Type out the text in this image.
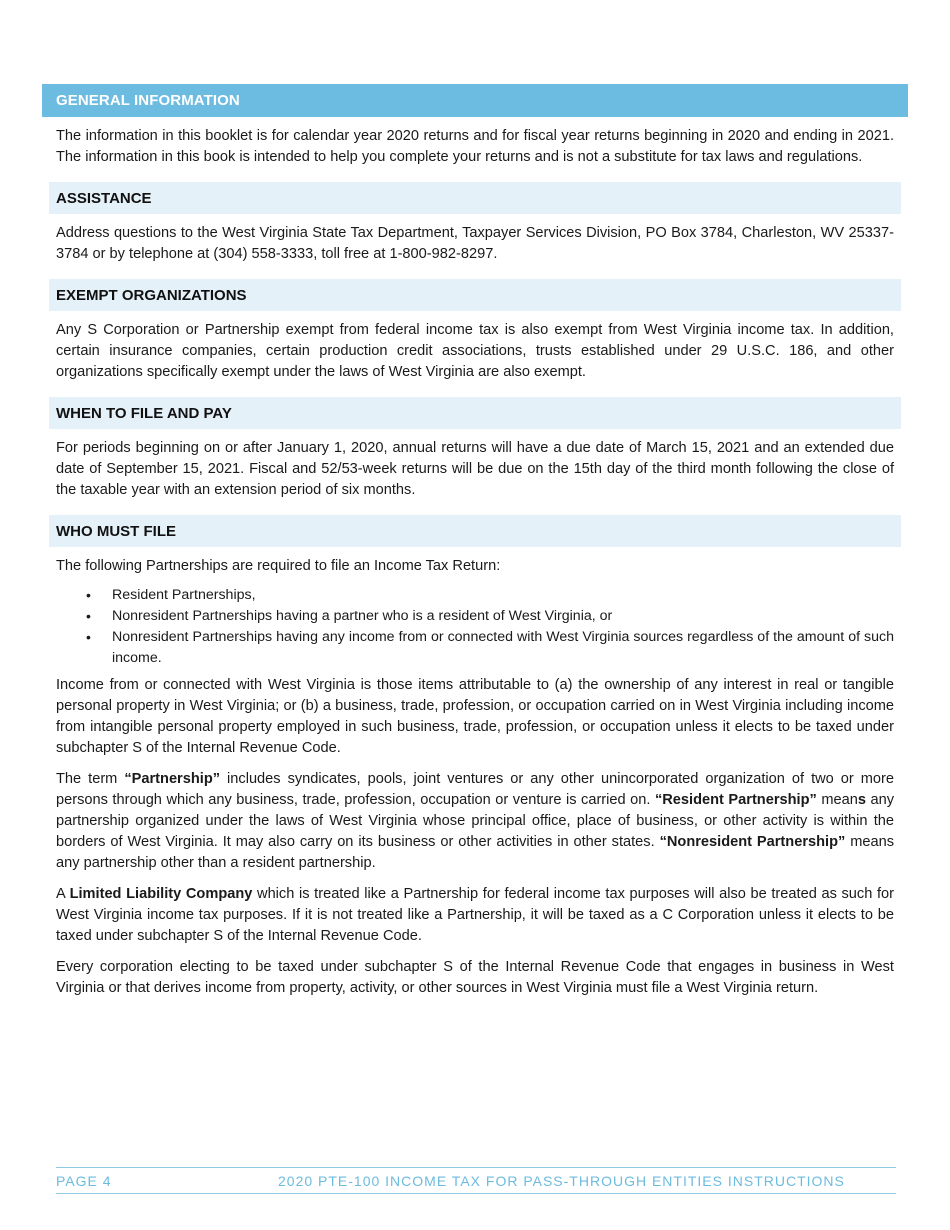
GENERAL INFORMATION

The information in this booklet is for calendar year 2020 returns and for fiscal year returns beginning in 2020 and ending in 2021. The information in this book is intended to help you complete your returns and is not a substitute for tax laws and regulations.

ASSISTANCE

Address questions to the West Virginia State Tax Department, Taxpayer Services Division, PO Box 3784, Charleston, WV 25337-3784 or by telephone at (304) 558-3333, toll free at 1-800-982-8297.

EXEMPT ORGANIZATIONS

Any S Corporation or Partnership exempt from federal income tax is also exempt from West Virginia income tax. In addition, certain insurance companies, certain production credit associations, trusts established under 29 U.S.C. 186, and other organizations specifically exempt under the laws of West Virginia are also exempt.

WHEN TO FILE AND PAY

For periods beginning on or after January 1, 2020, annual returns will have a due date of March 15, 2021 and an extended due date of September 15, 2021. Fiscal and 52/53-week returns will be due on the 15th day of the third month following the close of the taxable year with an extension period of six months.

WHO MUST FILE

The following Partnerships are required to file an Income Tax Return:

• Resident Partnerships,
• Nonresident Partnerships having a partner who is a resident of West Virginia, or
• Nonresident Partnerships having any income from or connected with West Virginia sources regardless of the amount of such income.

Income from or connected with West Virginia is those items attributable to (a) the ownership of any interest in real or tangible personal property in West Virginia; or (b) a business, trade, profession, or occupation carried on in West Virginia including income from intangible personal property employed in such business, trade, profession, or occupation unless it elects to be taxed under subchapter S of the Internal Revenue Code.

The term “Partnership” includes syndicates, pools, joint ventures or any other unincorporated organization of two or more persons through which any business, trade, profession, occupation or venture is carried on. “Resident Partnership” means any partnership organized under the laws of West Virginia whose principal office, place of business, or other activity is within the borders of West Virginia. It may also carry on its business or other activities in other states. “Nonresident Partnership” means any partnership other than a resident partnership.

A Limited Liability Company which is treated like a Partnership for federal income tax purposes will also be treated as such for West Virginia income tax purposes. If it is not treated like a Partnership, it will be taxed as a C Corporation unless it elects to be taxed under subchapter S of the Internal Revenue Code.

Every corporation electing to be taxed under subchapter S of the Internal Revenue Code that engages in business in West Virginia or that derives income from property, activity, or other sources in West Virginia must file a West Virginia return.

PAGE 4	2020 PTE-100 INCOME TAX FOR PASS-THROUGH ENTITIES INSTRUCTIONS
